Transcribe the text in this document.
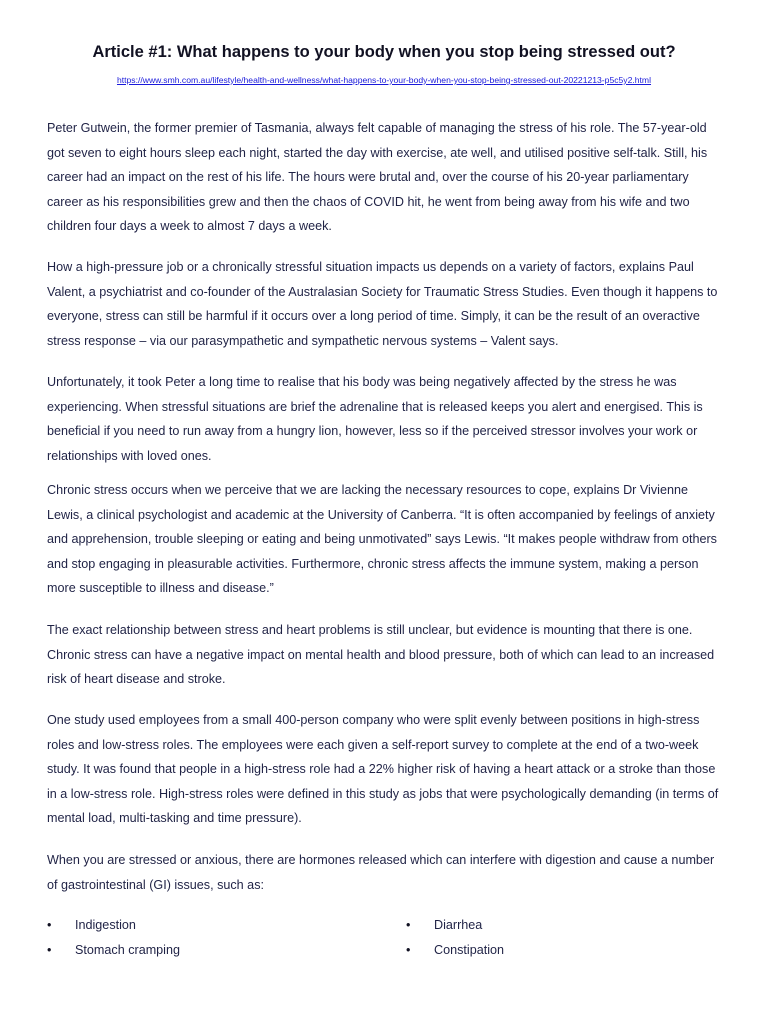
Article #1: What happens to your body when you stop being stressed out?
https://www.smh.com.au/lifestyle/health-and-wellness/what-happens-to-your-body-when-you-stop-being-stressed-out-20221213-p5c5y2.html

Peter Gutwein, the former premier of Tasmania, always felt capable of managing the stress of his role. The 57-year-old got seven to eight hours sleep each night, started the day with exercise, ate well, and utilised positive self-talk. Still, his career had an impact on the rest of his life. The hours were brutal and, over the course of his 20-year parliamentary career as his responsibilities grew and then the chaos of COVID hit, he went from being away from his wife and two children four days a week to almost 7 days a week.

How a high-pressure job or a chronically stressful situation impacts us depends on a variety of factors, explains Paul Valent, a psychiatrist and co-founder of the Australasian Society for Traumatic Stress Studies. Even though it happens to everyone, stress can still be harmful if it occurs over a long period of time. Simply, it can be the result of an overactive stress response – via our parasympathetic and sympathetic nervous systems – Valent says.

Unfortunately, it took Peter a long time to realise that his body was being negatively affected by the stress he was experiencing. When stressful situations are brief the adrenaline that is released keeps you alert and energised. This is beneficial if you need to run away from a hungry lion, however, less so if the perceived stressor involves your work or relationships with loved ones.

Chronic stress occurs when we perceive that we are lacking the necessary resources to cope, explains Dr Vivienne Lewis, a clinical psychologist and academic at the University of Canberra. “It is often accompanied by feelings of anxiety and apprehension, trouble sleeping or eating and being unmotivated” says Lewis. “It makes people withdraw from others and stop engaging in pleasurable activities. Furthermore, chronic stress affects the immune system, making a person more susceptible to illness and disease.”

The exact relationship between stress and heart problems is still unclear, but evidence is mounting that there is one. Chronic stress can have a negative impact on mental health and blood pressure, both of which can lead to an increased risk of heart disease and stroke.

One study used employees from a small 400-person company who were split evenly between positions in high-stress roles and low-stress roles. The employees were each given a self-report survey to complete at the end of a two-week study. It was found that people in a high-stress role had a 22% higher risk of having a heart attack or a stroke than those in a low-stress role. High-stress roles were defined in this study as jobs that were psychologically demanding (in terms of mental load, multi-tasking and time pressure).

When you are stressed or anxious, there are hormones released which can interfere with digestion and cause a number of gastrointestinal (GI) issues, such as:

• Indigestion
• Stomach cramping
• Diarrhea
• Constipation
